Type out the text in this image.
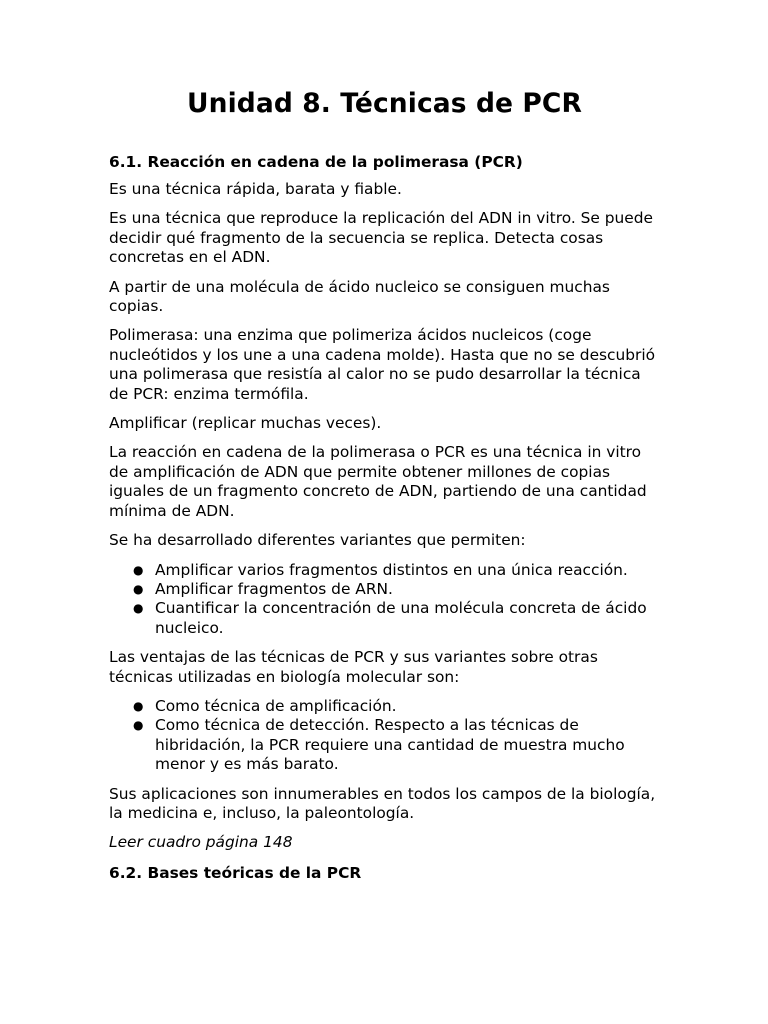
Unidad 8. Técnicas de PCR
6.1. Reacción en cadena de la polimerasa (PCR)

Es una técnica rápida, barata y fiable.

Es una técnica que reproduce la replicación del ADN in vitro. Se puede decidir qué fragmento de la secuencia se replica. Detecta cosas concretas en el ADN.

A partir de una molécula de ácido nucleico se consiguen muchas copias.

Polimerasa: una enzima que polimeriza ácidos nucleicos (coge nucleótidos y los une a una cadena molde). Hasta que no se descubrió una polimerasa que resistía al calor no se pudo desarrollar la técnica de PCR: enzima termófila.

Amplificar (replicar muchas veces).

La reacción en cadena de la polimerasa o PCR es una técnica in vitro de amplificación de ADN que permite obtener millones de copias iguales de un fragmento concreto de ADN, partiendo de una cantidad mínima de ADN.

Se ha desarrollado diferentes variantes que permiten:

● Amplificar varios fragmentos distintos en una única reacción.
● Amplificar fragmentos de ARN.
● Cuantificar la concentración de una molécula concreta de ácido nucleico.

Las ventajas de las técnicas de PCR y sus variantes sobre otras técnicas utilizadas en biología molecular son:

● Como técnica de amplificación.
● Como técnica de detección. Respecto a las técnicas de hibridación, la PCR requiere una cantidad de muestra mucho menor y es más barato.

Sus aplicaciones son innumerables en todos los campos de la biología, la medicina e, incluso, la paleontología.

Leer cuadro página 148

6.2. Bases teóricas de la PCR
